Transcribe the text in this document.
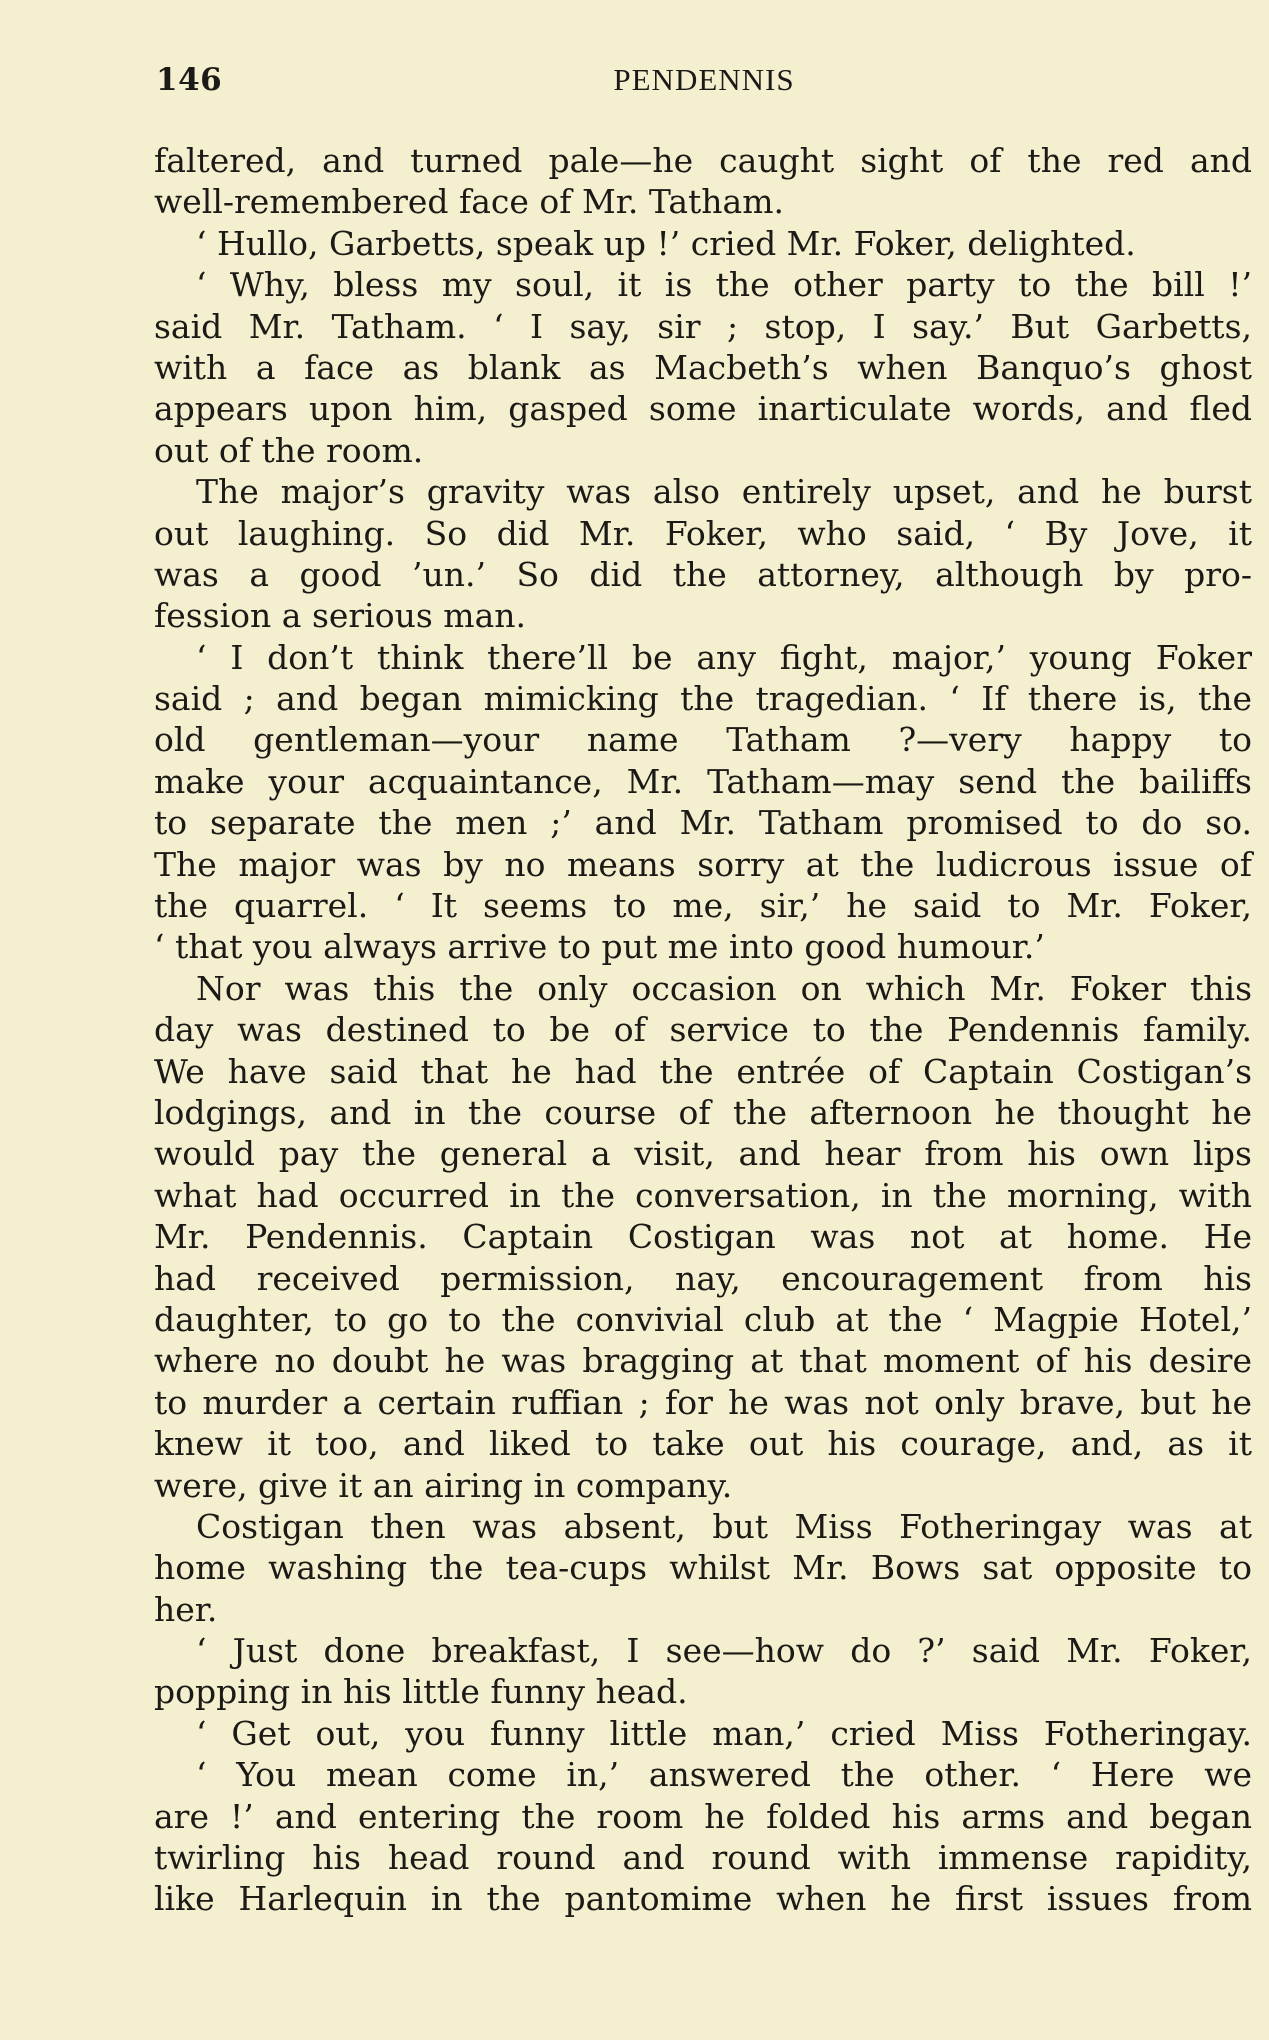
146	PENDENNIS
faltered, and turned pale—he caught sight of the red and
well-remembered face of Mr. Tatham.
‘ Hullo, Garbetts, speak up !’ cried Mr. Foker, delighted.
‘ Why, bless my soul, it is the other party to the bill !’
said Mr. Tatham. ‘ I say, sir ; stop, I say.’ But Garbetts,
with a face as blank as Macbeth’s when Banquo’s ghost
appears upon him, gasped some inarticulate words, and fled
out of the room.
The major’s gravity was also entirely upset, and he burst
out laughing. So did Mr. Foker, who said, ‘ By Jove, it
was a good ’un.’ So did the attorney, although by pro-
fession a serious man.
‘ I don’t think there’ll be any fight, major,’ young Foker
said ; and began mimicking the tragedian. ‘ If there is, the
old gentleman—your name Tatham ?—very happy to
make your acquaintance, Mr. Tatham—may send the bailiffs
to separate the men ;’ and Mr. Tatham promised to do so.
The major was by no means sorry at the ludicrous issue of
the quarrel. ‘ It seems to me, sir,’ he said to Mr. Foker,
‘ that you always arrive to put me into good humour.’
Nor was this the only occasion on which Mr. Foker this
day was destined to be of service to the Pendennis family.
We have said that he had the entrée of Captain Costigan’s
lodgings, and in the course of the afternoon he thought he
would pay the general a visit, and hear from his own lips
what had occurred in the conversation, in the morning, with
Mr. Pendennis. Captain Costigan was not at home. He
had received permission, nay, encouragement from his
daughter, to go to the convivial club at the ‘ Magpie Hotel,’
where no doubt he was bragging at that moment of his desire
to murder a certain ruffian ; for he was not only brave, but he
knew it too, and liked to take out his courage, and, as it
were, give it an airing in company.
Costigan then was absent, but Miss Fotheringay was at
home washing the tea-cups whilst Mr. Bows sat opposite to
her.
‘ Just done breakfast, I see—how do ?’ said Mr. Foker,
popping in his little funny head.
‘ Get out, you funny little man,’ cried Miss Fotheringay.
‘ You mean come in,’ answered the other. ‘ Here we
are !’ and entering the room he folded his arms and began
twirling his head round and round with immense rapidity,
like Harlequin in the pantomime when he first issues from
